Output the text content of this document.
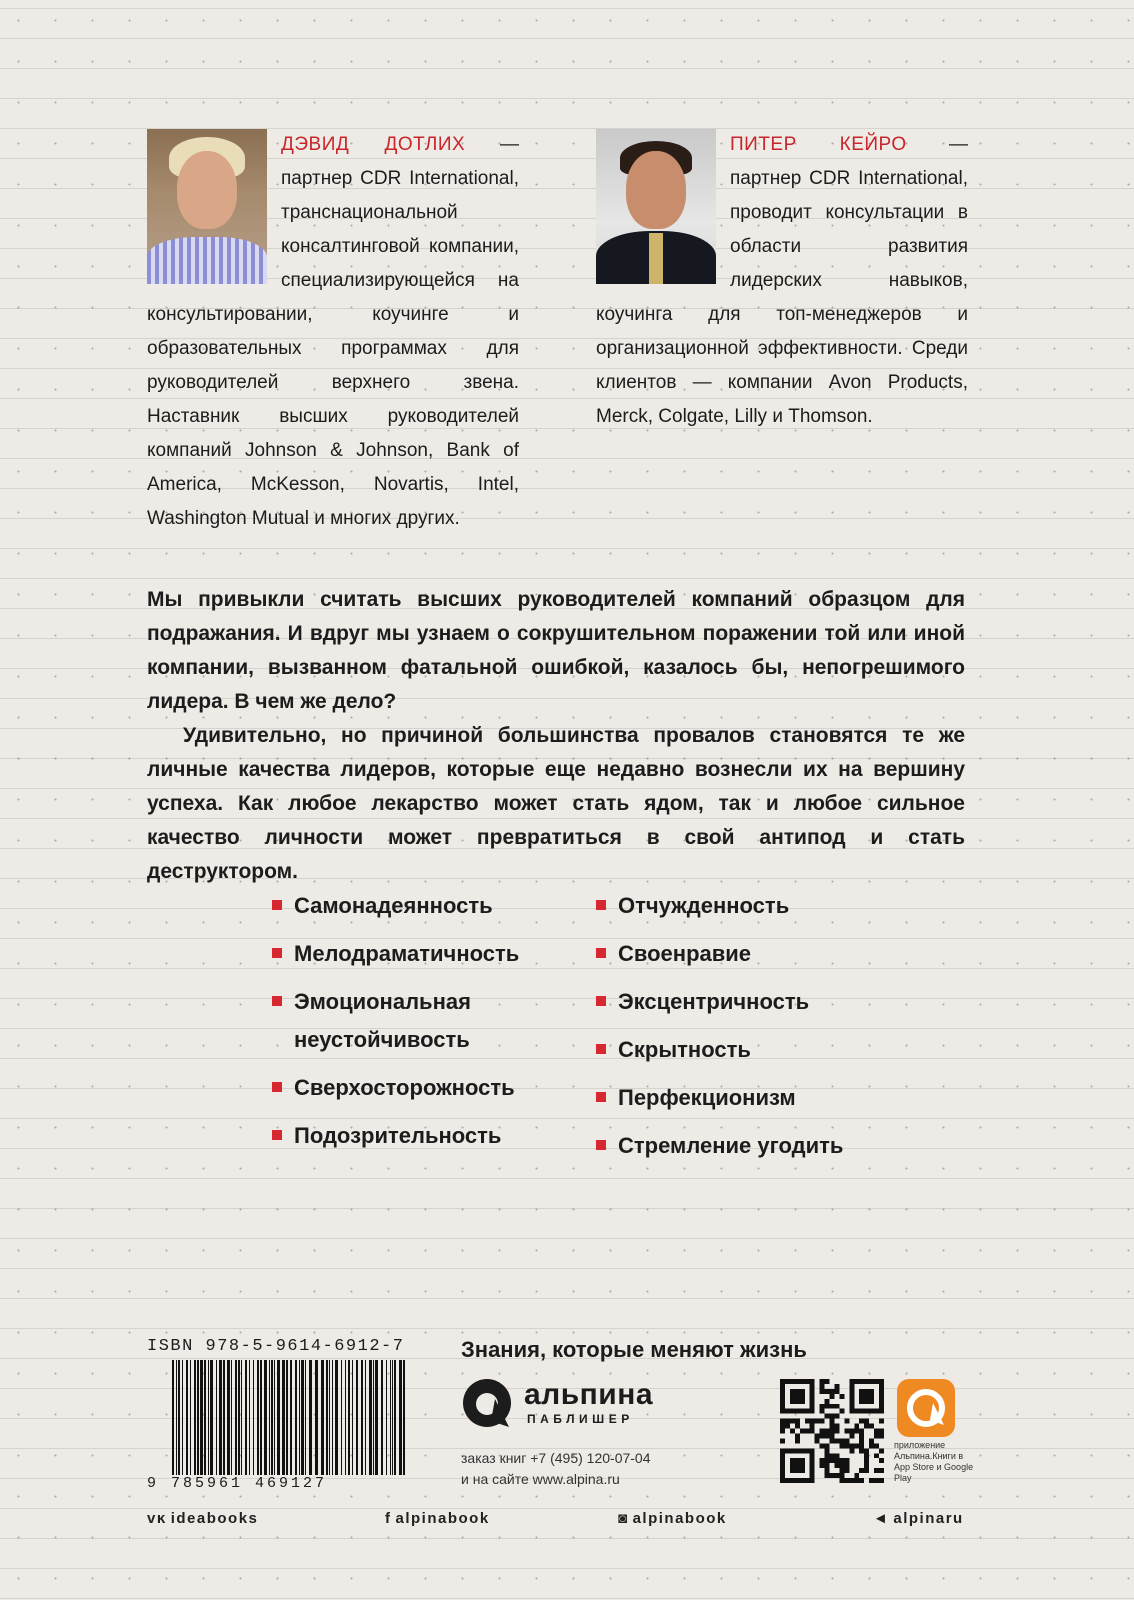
ДЭВИД ДОТЛИХ — партнер CDR International, транснациональной консалтинговой компании, специализирующейся на консультировании, коучинге и образовательных программах для руководителей верхнего звена. Наставник высших руководителей компаний Johnson & Johnson, Bank of America, McKesson, Novartis, Intel, Washington Mutual и многих других.
ПИТЕР КЕЙРО — партнер CDR International, проводит консультации в области развития лидерских навыков, коучинга для топ-менеджеров и организационной эффективности. Среди клиентов — компании Avon Products, Merck, Colgate, Lilly и Thomson.

Мы привыкли считать высших руководителей компаний образцом для подражания. И вдруг мы узнаем о сокрушительном поражении той или иной компании, вызванном фатальной ошибкой, казалось бы, непогрешимого лидера. В чем же дело?

Удивительно, но причиной большинства провалов становятся те же личные качества лидеров, которые еще недавно вознесли их на вершину успеха. Как любое лекарство может стать ядом, так и любое сильное качество личности может превратиться в свой антипод и стать деструктором.

Самонадеянность
Мелодраматичность
Эмоциональная неустойчивость
Сверхосторожность
Подозрительность
Отчужденность
Своенравие
Эксцентричность
Скрытность
Перфекционизм
Стремление угодить
ISBN 978-5-9614-6912-7
9 785961 469127
Знания, которые меняют жизнь
альпина
ПАБЛИШЕР
заказ книг +7 (495) 120-07-04
и на сайте www.alpina.ru
приложение Альпина.Книги в App Store и Google Play
ᴠĸ ideabooks	f alpinabook	◙ alpinabook	◄ alpinaru
